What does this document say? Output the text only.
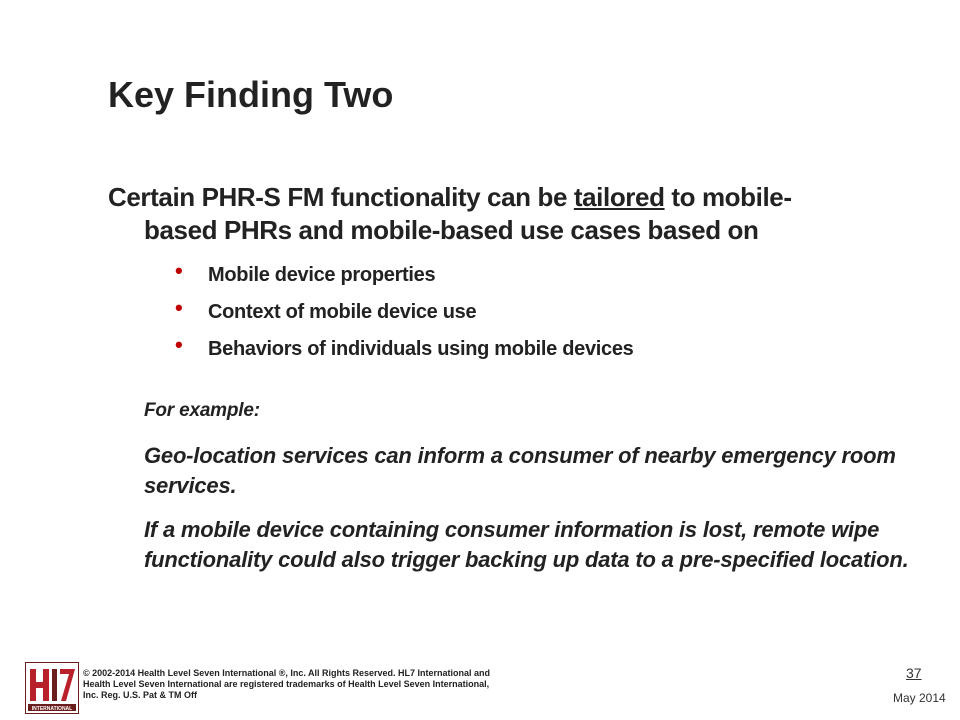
Key Finding Two
Certain PHR-S FM functionality can be tailored to mobile-
based PHRs and mobile-based use cases based on
• Mobile device properties
• Context of mobile device use
• Behaviors of individuals using mobile devices
For example:
Geo-location services can inform a consumer of nearby emergency room services.
If a mobile device containing consumer information is lost, remote wipe functionality could also trigger backing up data to a pre-specified location.
INTERNATIONAL
© 2002-2014 Health Level Seven International ®, Inc. All Rights Reserved. HL7 International and Health Level Seven International are registered trademarks of Health Level Seven International, Inc. Reg. U.S. Pat & TM Off
37
May 2014
